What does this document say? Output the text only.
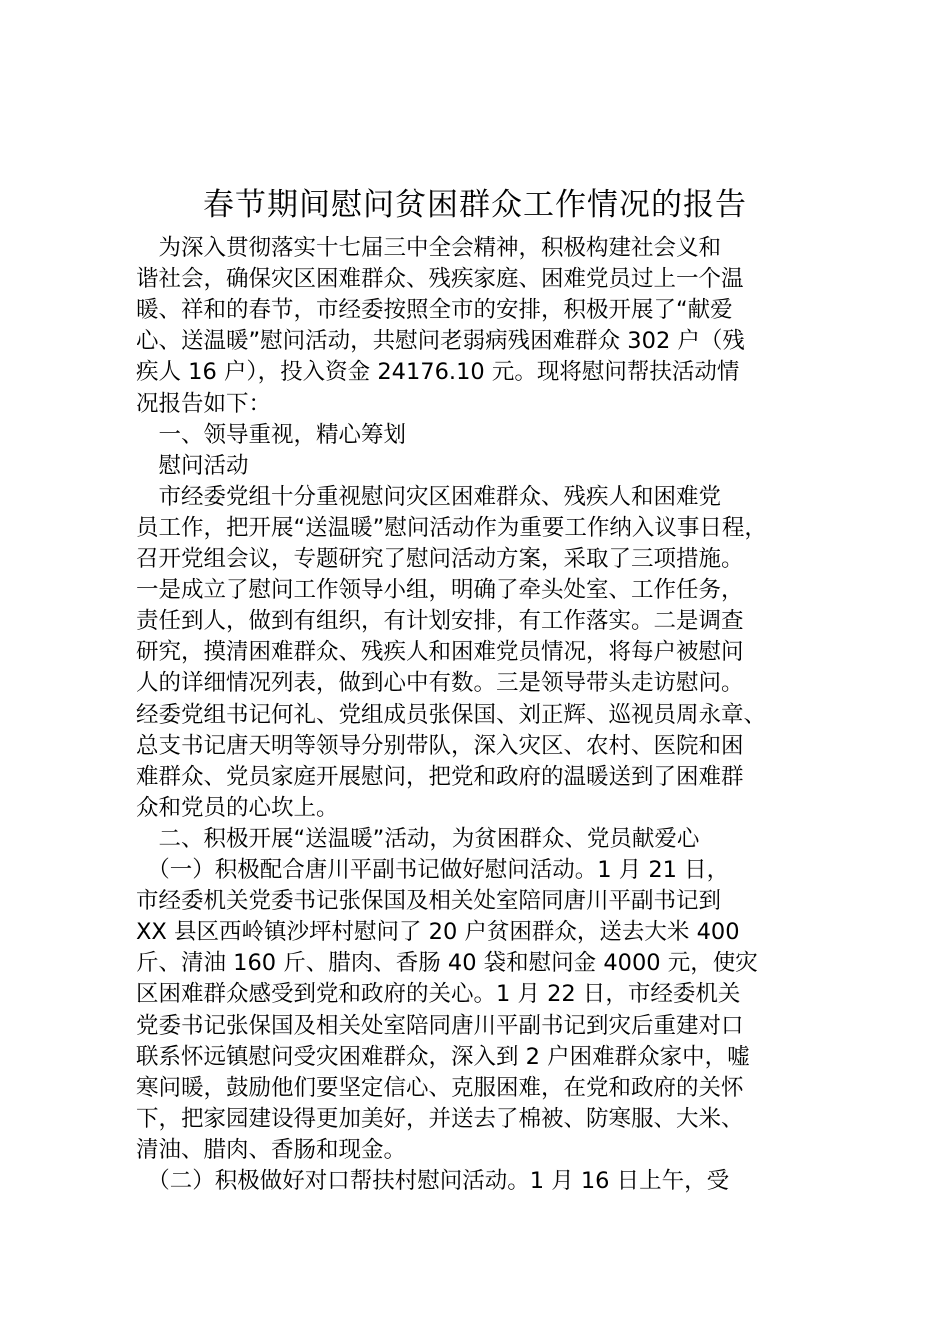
春节期间慰问贫困群众工作情况的报告
　为深入贯彻落实十七届三中全会精神，积极构建社会义和
谐社会，确保灾区困难群众、残疾家庭、困难党员过上一个温
暖、祥和的春节，市经委按照全市的安排，积极开展了“献爱
心、送温暖”慰问活动，共慰问老弱病残困难群众 302 户（残
疾人 16 户），投入资金 24176.10 元。现将慰问帮扶活动情
况报告如下：
　一、领导重视，精心筹划
　慰问活动
　市经委党组十分重视慰问灾区困难群众、残疾人和困难党
员工作，把开展“送温暖”慰问活动作为重要工作纳入议事日程，
召开党组会议，专题研究了慰问活动方案，采取了三项措施。
一是成立了慰问工作领导小组，明确了牵头处室、工作任务，
责任到人，做到有组织，有计划安排，有工作落实。二是调查
研究，摸清困难群众、残疾人和困难党员情况，将每户被慰问
人的详细情况列表，做到心中有数。三是领导带头走访慰问。
经委党组书记何礼、党组成员张保国、刘正辉、巡视员周永章、
总支书记唐天明等领导分别带队，深入灾区、农村、医院和困
难群众、党员家庭开展慰问，把党和政府的温暖送到了困难群
众和党员的心坎上。
　二、积极开展“送温暖”活动，为贫困群众、党员献爱心
　（一）积极配合唐川平副书记做好慰问活动。1 月 21 日，
市经委机关党委书记张保国及相关处室陪同唐川平副书记到
XX 县区西岭镇沙坪村慰问了 20 户贫困群众，送去大米 400
斤、清油 160 斤、腊肉、香肠 40 袋和慰问金 4000 元，使灾
区困难群众感受到党和政府的关心。1 月 22 日，市经委机关
党委书记张保国及相关处室陪同唐川平副书记到灾后重建对口
联系怀远镇慰问受灾困难群众，深入到 2 户困难群众家中，嘘
寒问暖，鼓励他们要坚定信心、克服困难，在党和政府的关怀
下，把家园建设得更加美好，并送去了棉被、防寒服、大米、
清油、腊肉、香肠和现金。
　（二）积极做好对口帮扶村慰问活动。1 月 16 日上午，受
